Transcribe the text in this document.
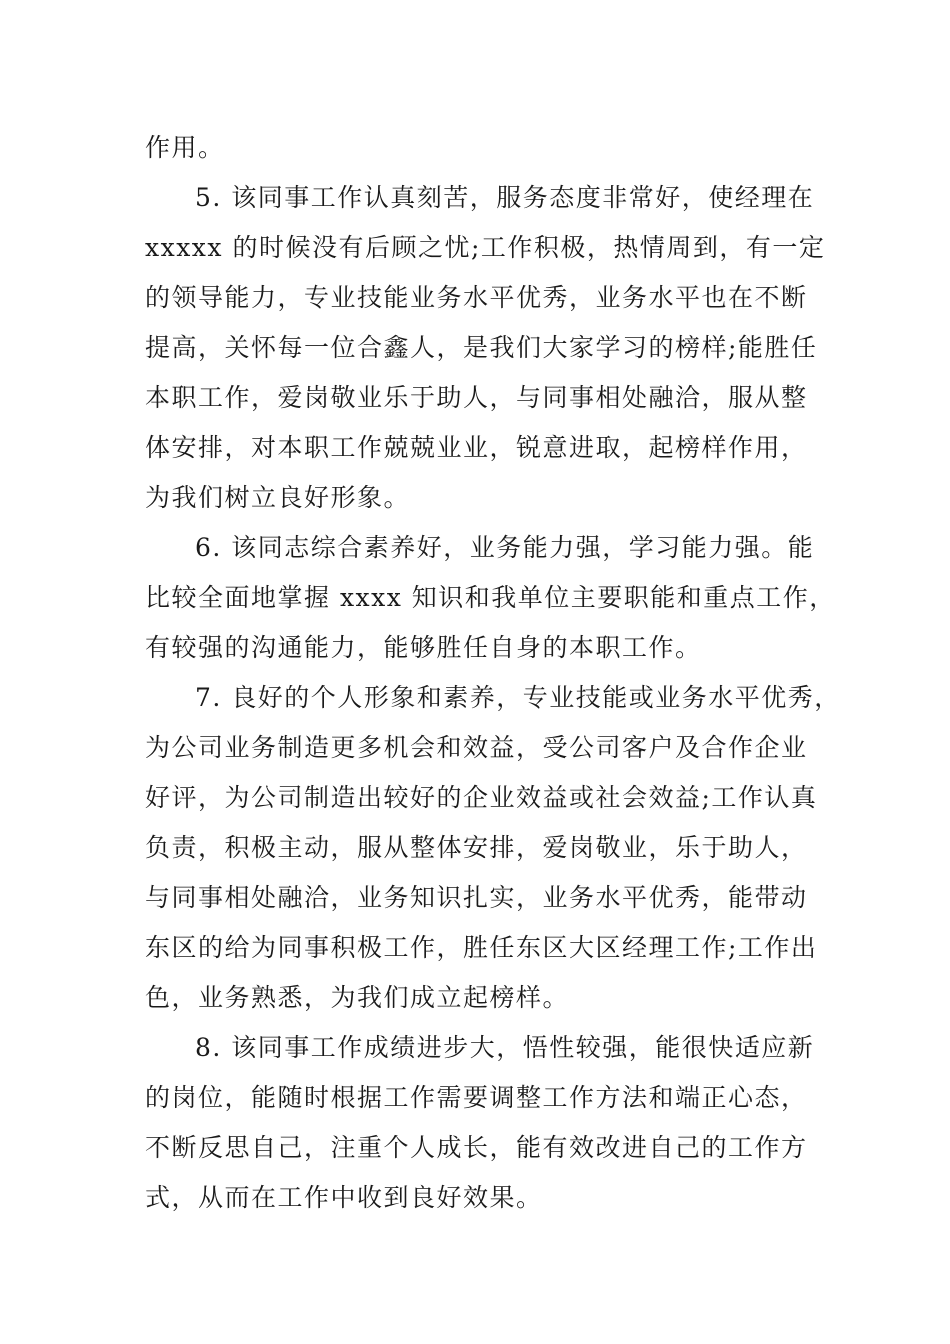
作用。

5. 该同事工作认真刻苦，服务态度非常好，使经理在

xxxxx 的时候没有后顾之忧;工作积极，热情周到，有一定

的领导能力，专业技能业务水平优秀，业务水平也在不断

提高，关怀每一位合鑫人，是我们大家学习的榜样;能胜任

本职工作，爱岗敬业乐于助人，与同事相处融洽，服从整

体安排，对本职工作兢兢业业，锐意进取，起榜样作用，

为我们树立良好形象。

6. 该同志综合素养好，业务能力强，学习能力强。能

比较全面地掌握 xxxx 知识和我单位主要职能和重点工作，

有较强的沟通能力，能够胜任自身的本职工作。

7. 良好的个人形象和素养，专业技能或业务水平优秀，

为公司业务制造更多机会和效益，受公司客户及合作企业

好评，为公司制造出较好的企业效益或社会效益;工作认真

负责，积极主动，服从整体安排，爱岗敬业，乐于助人，

与同事相处融洽，业务知识扎实，业务水平优秀，能带动

东区的给为同事积极工作，胜任东区大区经理工作;工作出

色，业务熟悉，为我们成立起榜样。

8. 该同事工作成绩进步大，悟性较强，能很快适应新

的岗位，能随时根据工作需要调整工作方法和端正心态，

不断反思自己，注重个人成长，能有效改进自己的工作方

式，从而在工作中收到良好效果。
